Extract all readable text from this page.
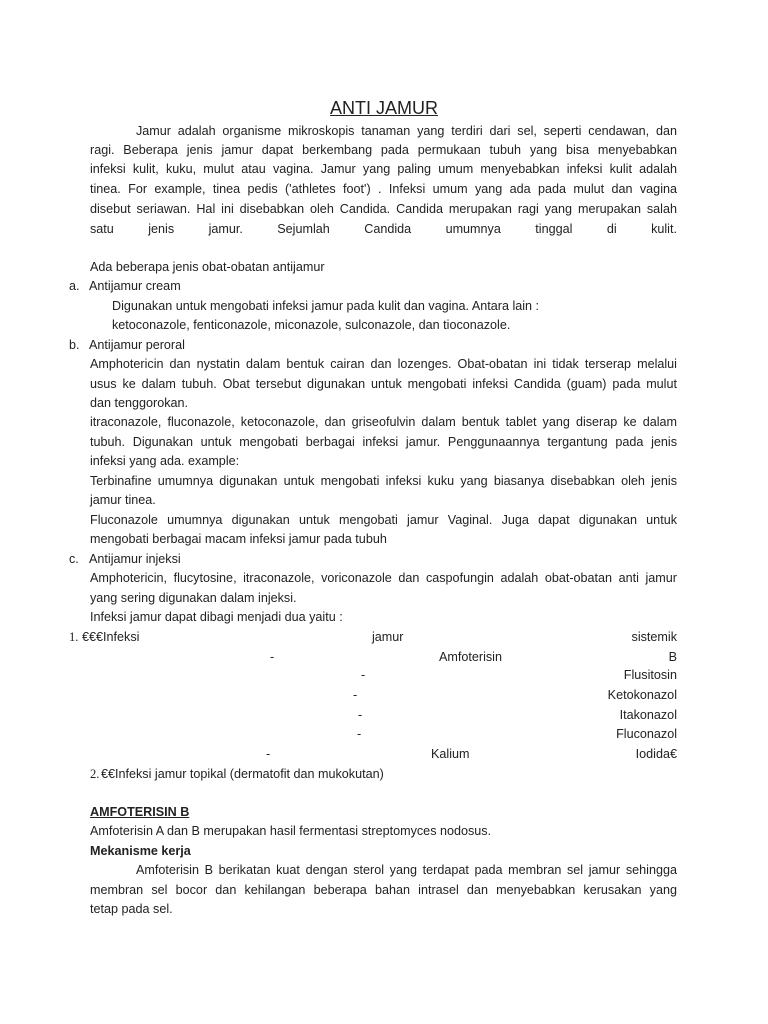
ANTI JAMUR
Jamur adalah organisme mikroskopis tanaman yang terdiri dari sel, seperti cendawan, dan
ragi. Beberapa jenis jamur dapat berkembang pada permukaan tubuh yang bisa menyebabkan
infeksi kulit, kuku, mulut atau vagina. Jamur yang paling umum menyebabkan infeksi kulit adalah
tinea. For example, tinea pedis ('athletes foot') . Infeksi umum yang ada pada mulut dan vagina
disebut seriawan. Hal ini disebabkan oleh Candida. Candida merupakan ragi yang merupakan salah
satu	jenis	jamur.	Sejumlah	Candida	umumnya	tinggal	di	kulit.
Ada beberapa jenis obat-obatan antijamur
a. Antijamur cream
Digunakan untuk mengobati infeksi jamur pada kulit dan vagina. Antara lain :
ketoconazole, fenticonazole, miconazole, sulconazole, dan tioconazole.
b. Antijamur peroral
Amphotericin dan nystatin dalam bentuk cairan dan lozenges. Obat-obatan ini tidak terserap melalui
usus ke dalam tubuh. Obat tersebut digunakan untuk mengobati infeksi Candida (guam) pada mulut
dan tenggorokan.
itraconazole, fluconazole, ketoconazole, dan griseofulvin dalam bentuk tablet yang diserap ke dalam
tubuh. Digunakan untuk mengobati berbagai infeksi jamur. Penggunaannya tergantung pada jenis
infeksi yang ada. example:
Terbinafine umumnya digunakan untuk mengobati infeksi kuku yang biasanya disebabkan oleh jenis
jamur tinea.
Fluconazole umumnya digunakan untuk mengobati jamur Vaginal. Juga dapat digunakan untuk
mengobati berbagai macam infeksi jamur pada tubuh
c. Antijamur injeksi
Amphotericin, flucytosine, itraconazole, voriconazole dan caspofungin adalah obat-obatan anti jamur
yang sering digunakan dalam injeksi.
Infeksi jamur dapat dibagi menjadi dua yaitu :
1. €€€Infeksi	jamur	sistemik
-	Amfoterisin	B
-	Flusitosin
-	Ketokonazol
-	Itakonazol
-	Fluconazol
-	Kalium	Iodida€
2. €€Infeksi jamur topikal (dermatofit dan mukokutan)
AMFOTERISIN B
Amfoterisin A dan B merupakan hasil fermentasi streptomyces nodosus.
Mekanisme kerja
Amfoterisin B berikatan kuat dengan sterol yang terdapat pada membran sel jamur sehingga
membran sel bocor dan kehilangan beberapa bahan intrasel dan menyebabkan kerusakan yang
tetap pada sel.
